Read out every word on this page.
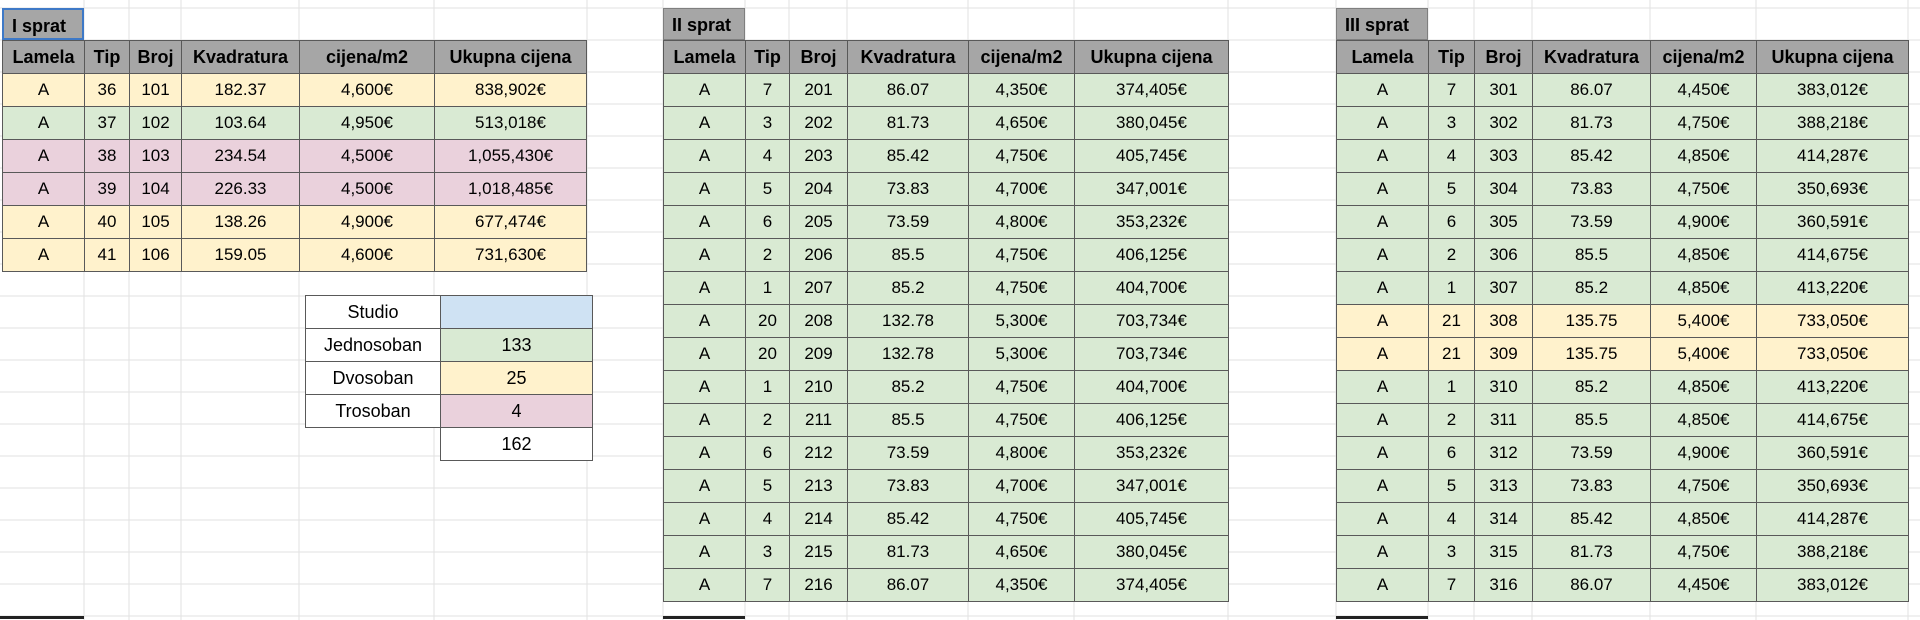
I sprat
Lamela	Tip	Broj	Kvadratura	cijena/m2	Ukupna cijena
A	36	101	182.37	4,600€	838,902€
A	37	102	103.64	4,950€	513,018€
A	38	103	234.54	4,500€	1,055,430€
A	39	104	226.33	4,500€	1,018,485€
A	40	105	138.26	4,900€	677,474€
A	41	106	159.05	4,600€	731,630€
II sprat
Lamela	Tip	Broj	Kvadratura	cijena/m2	Ukupna cijena
A	7	201	86.07	4,350€	374,405€
A	3	202	81.73	4,650€	380,045€
A	4	203	85.42	4,750€	405,745€
A	5	204	73.83	4,700€	347,001€
A	6	205	73.59	4,800€	353,232€
A	2	206	85.5	4,750€	406,125€
A	1	207	85.2	4,750€	404,700€
A	20	208	132.78	5,300€	703,734€
A	20	209	132.78	5,300€	703,734€
A	1	210	85.2	4,750€	404,700€
A	2	211	85.5	4,750€	406,125€
A	6	212	73.59	4,800€	353,232€
A	5	213	73.83	4,700€	347,001€
A	4	214	85.42	4,750€	405,745€
A	3	215	81.73	4,650€	380,045€
A	7	216	86.07	4,350€	374,405€
III sprat
Lamela	Tip	Broj	Kvadratura	cijena/m2	Ukupna cijena
A	7	301	86.07	4,450€	383,012€
A	3	302	81.73	4,750€	388,218€
A	4	303	85.42	4,850€	414,287€
A	5	304	73.83	4,750€	350,693€
A	6	305	73.59	4,900€	360,591€
A	2	306	85.5	4,850€	414,675€
A	1	307	85.2	4,850€	413,220€
A	21	308	135.75	5,400€	733,050€
A	21	309	135.75	5,400€	733,050€
A	1	310	85.2	4,850€	413,220€
A	2	311	85.5	4,850€	414,675€
A	6	312	73.59	4,900€	360,591€
A	5	313	73.83	4,750€	350,693€
A	4	314	85.42	4,850€	414,287€
A	3	315	81.73	4,750€	388,218€
A	7	316	86.07	4,450€	383,012€
Studio	
Jednosoban	133
Dvosoban	25
Trosoban	4
	162
